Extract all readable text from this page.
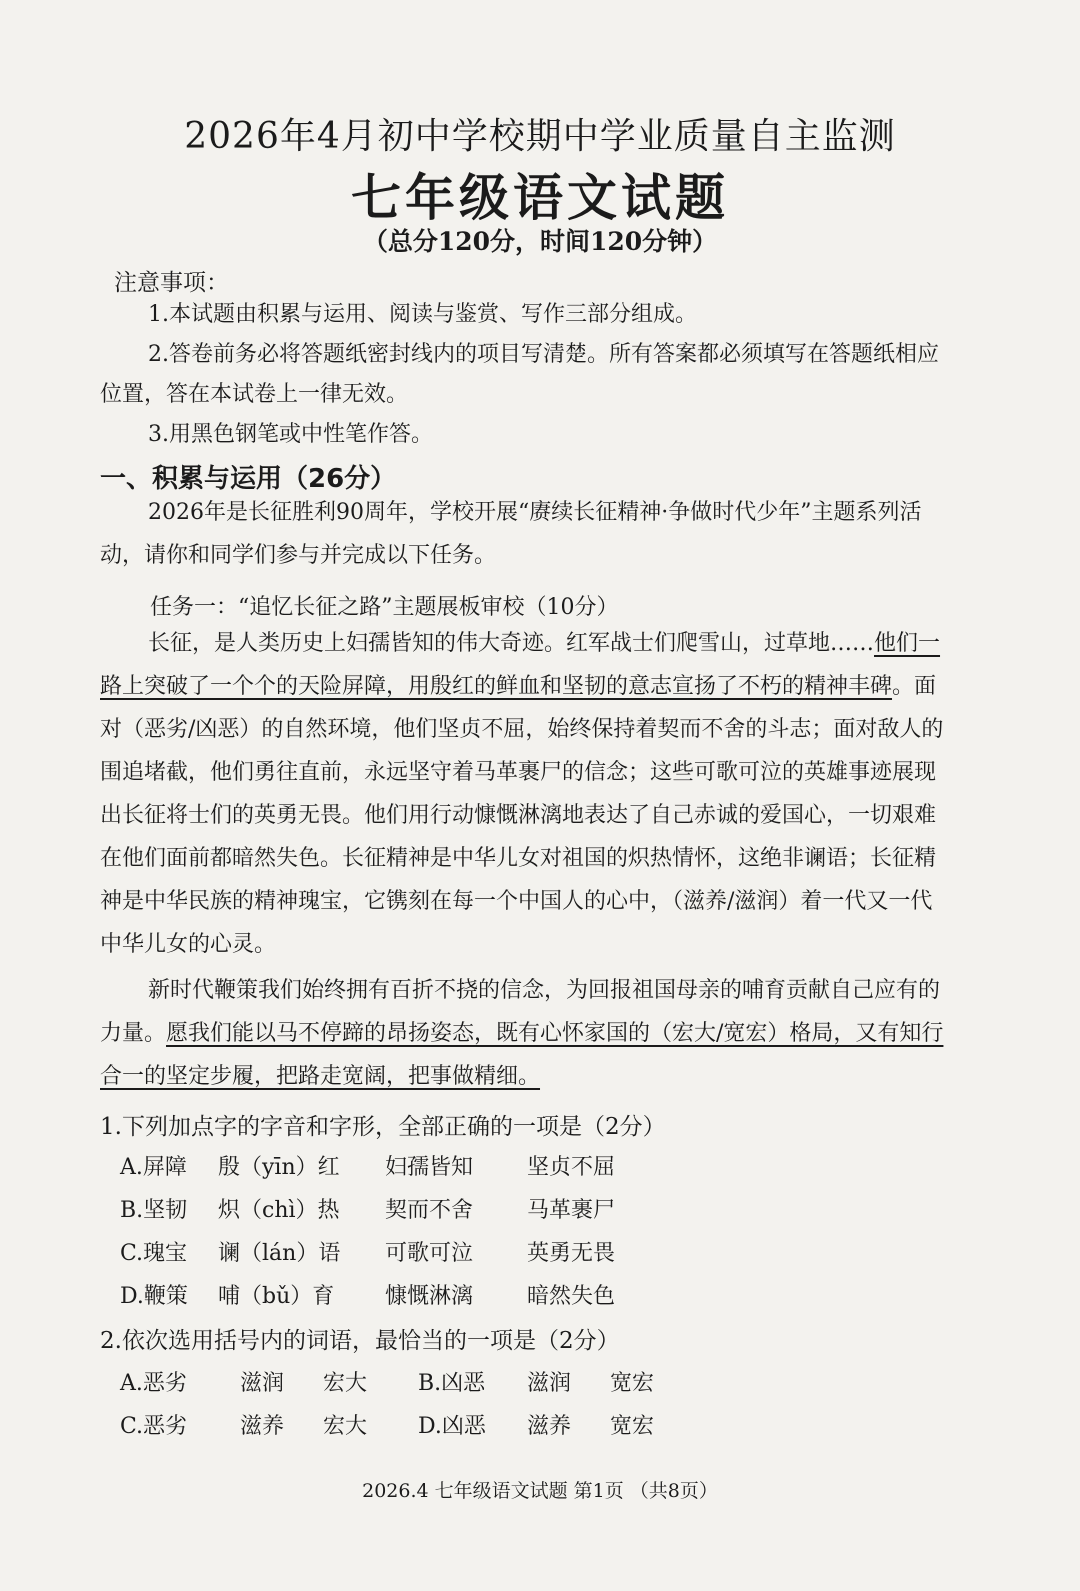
2026年4月初中学校期中学业质量自主监测
七年级语文试题
（总分120分，时间120分钟）
注意事项：
1.本试题由积累与运用、阅读与鉴赏、写作三部分组成。
2.答卷前务必将答题纸密封线内的项目写清楚。所有答案都必须填写在答题纸相应
位置，答在本试卷上一律无效。
3.用黑色钢笔或中性笔作答。
一、积累与运用（26分）
2026年是长征胜利90周年，学校开展“赓续长征精神·争做时代少年”主题系列活
动，请你和同学们参与并完成以下任务。
任务一：“追忆长征之路”主题展板审校（10分）
长征，是人类历史上妇孺皆知的伟大奇迹。红军战士们爬雪山，过草地……他们一
路上突破了一个个的天险屏障，用殷红的鲜血和坚韧的意志宣扬了不朽的精神丰碑。面
对（恶劣/凶恶）的自然环境，他们坚贞不屈，始终保持着契而不舍的斗志；面对敌人的
围追堵截，他们勇往直前，永远坚守着马革裹尸的信念；这些可歌可泣的英雄事迹展现
出长征将士们的英勇无畏。他们用行动慷慨淋漓地表达了自己赤诚的爱国心，一切艰难
在他们面前都暗然失色。长征精神是中华儿女对祖国的炽热情怀，这绝非谰语；长征精
神是中华民族的精神瑰宝，它镌刻在每一个中国人的心中，（滋养/滋润）着一代又一代
中华儿女的心灵。
新时代鞭策我们始终拥有百折不挠的信念，为回报祖国母亲的哺育贡献自己应有的
力量。愿我们能以马不停蹄的昂扬姿态，既有心怀家国的（宏大/宽宏）格局，又有知行
合一的坚定步履，把路走宽阔，把事做精细。
1.下列加点字的字音和字形，全部正确的一项是（2分）
A.屏障 殷（yīn）红 妇孺皆知 坚贞不屈
B.坚韧 炽（chì）热 契而不舍 马革裹尸
C.瑰宝 谰（lán）语 可歌可泣 英勇无畏
D.鞭策 哺（bǔ）育 慷慨淋漓 暗然失色
2.依次选用括号内的词语，最恰当的一项是（2分）
A.恶劣 滋润 宏大 B.凶恶 滋润 宽宏
C.恶劣 滋养 宏大 D.凶恶 滋养 宽宏
2026.4 七年级语文试题 第1页 （共8页）
